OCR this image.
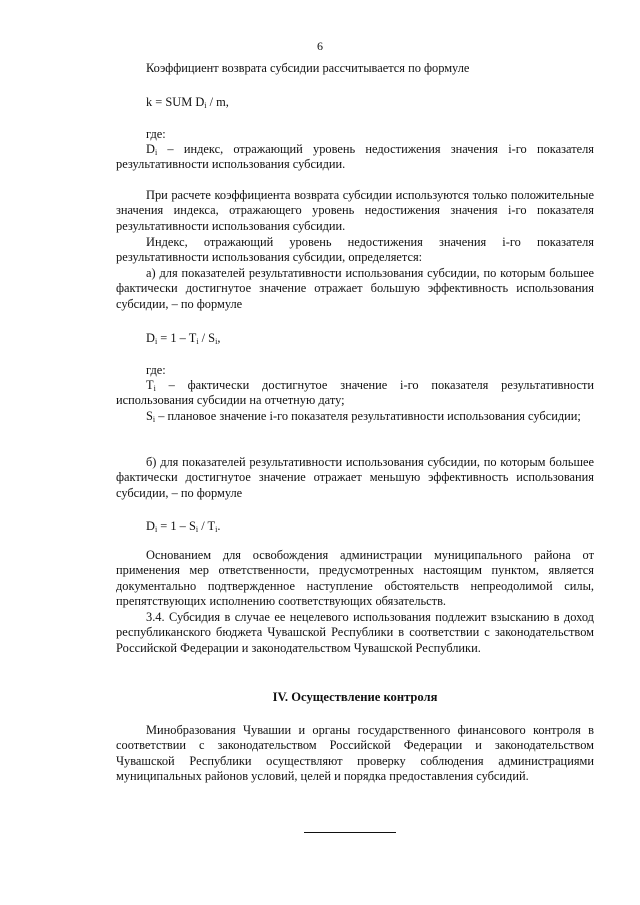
6

Коэффициент возврата субсидии рассчитывается по формуле

k = SUM $D_i$ / m,

где:

$D_i$ – индекс, отражающий уровень недостижения значения i-го показателя результативности использования субсидии.

При расчете коэффициента возврата субсидии используются только положительные значения индекса, отражающего уровень недостижения значения i-го показателя результативности использования субсидии.

Индекс, отражающий уровень недостижения значения i-го показателя результативности использования субсидии, определяется:

а) для показателей результативности использования субсидии, по которым большее фактически достигнутое значение отражает большую эффективность использования субсидии, – по формуле

$D_i = 1 - T_i / S_i$,

где:

$T_i$ – фактически достигнутое значение i-го показателя результативности использования субсидии на отчетную дату;

$S_i$ – плановое значение i-го показателя результативности использования субсидии;

б) для показателей результативности использования субсидии, по которым большее фактически достигнутое значение отражает меньшую эффективность использования субсидии, – по формуле

$D_i = 1 - S_i / T_i$.

Основанием для освобождения администрации муниципального района от применения мер ответственности, предусмотренных настоящим пунктом, является документально подтвержденное наступление обстоятельств непреодолимой силы, препятствующих исполнению соответствующих обязательств.

3.4. Субсидия в случае ее нецелевого использования подлежит взысканию в доход республиканского бюджета Чувашской Республики в соответствии с законодательством Российской Федерации и законодательством Чувашской Республики.

IV. Осуществление контроля

Минобразования Чувашии и органы государственного финансового контроля в соответствии с законодательством Российской Федерации и законодательством Чувашской Республики осуществляют проверку соблюдения администрациями муниципальных районов условий, целей и порядка предоставления субсидий.
